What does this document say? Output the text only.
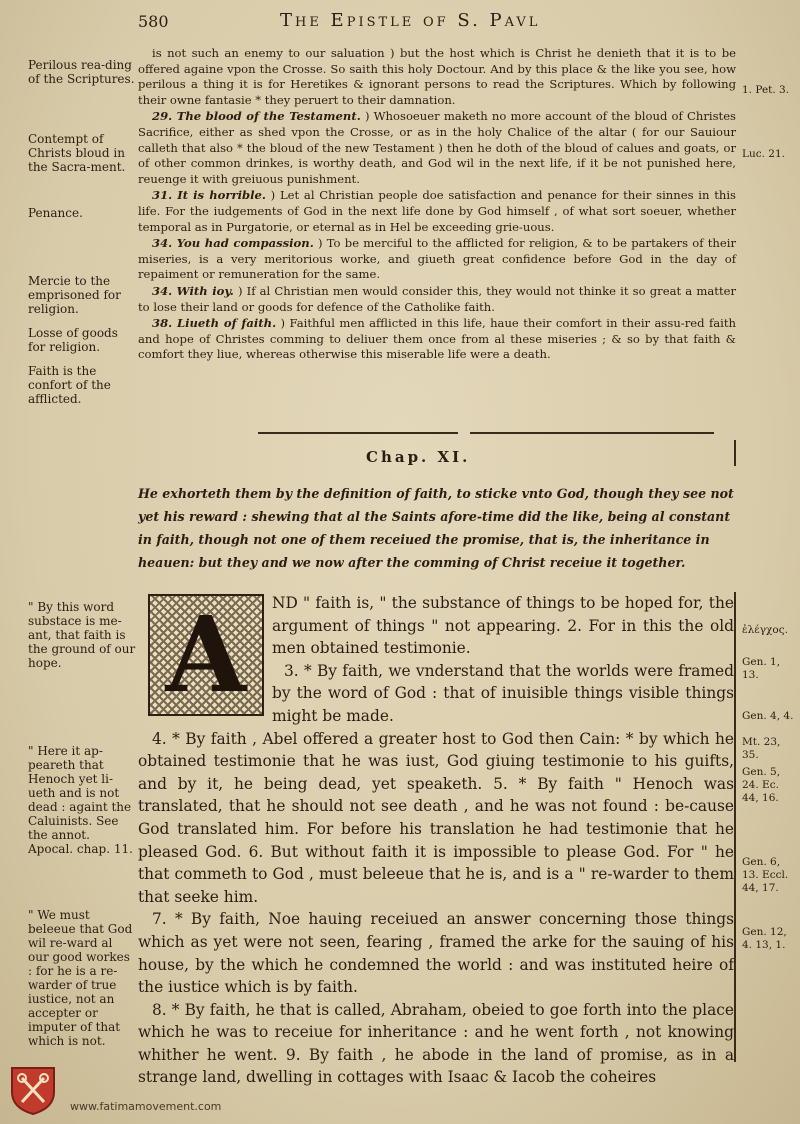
580	The Epistle of S. Pavl
Perilous rea-ding of the Scriptures.
Contempt of Christs bloud in the Sacra-ment.
Penance.
Mercie to the emprisoned for religion.
Losse of goods for religion.
Faith is the confort of the afflicted.
1. Pet. 3.
Luc. 21.

is not such an enemy to our saluation ) but the host which is Christ he denieth that it is to be offered againe vpon the Crosse. So saith this holy Doctour. And by this place & the like you see, how perilous a thing it is for Heretikes & ignorant persons to read the Scriptures. Which by following their owne fantasie * they peruert to their damnation.

29. The blood of the Testament. ) Whosoeuer maketh no more account of the bloud of Christes Sacrifice, either as shed vpon the Crosse, or as in the holy Chalice of the altar ( for our Sauiour calleth that also * the bloud of the new Testament ) then he doth of the bloud of calues and goats, or of other common drinkes, is worthy death, and God wil in the next life, if it be not punished here, reuenge it with greiuous punishment.

31. It is horrible. ) Let al Christian people doe satisfaction and penance for their sinnes in this life. For the iudgements of God in the next life done by God himself , of what sort soeuer, whether temporal as in Purgatorie, or eternal as in Hel be exceeding grie-uous.

34. You had compassion. ) To be merciful to the afflicted for religion, & to be partakers of their miseries, is a very meritorious worke, and giueth great confidence before God in the day of repaiment or remuneration for the same.

34. With ioy. ) If al Christian men would consider this, they would not thinke it so great a matter to lose their land or goods for defence of the Catholike faith.

38. Liueth of faith. ) Faithful men afflicted in this life, haue their comfort in their assu-red faith and hope of Christes comming to deliuer them once from al these miseries ; & so by that faith & comfort they liue, whereas otherwise this miserable life were a death.

Chap. XI.
He exhorteth them by the definition of faith, to sticke vnto God, though they see not yet his reward : shewing that al the Saints afore-time did the like, being al constant in faith, though not one of them receiued the promise, that is, the inheritance in heauen: but they and we now after the comming of Christ receiue it together.
A	ND " faith is, " the substance of things to be hoped for, the argument of things " not appearing. 2. For in this the old men obtained testimonie.

3. * By faith, we vnderstand that the worlds were framed by the word of God : that of inuisible things visible things might be made.

4. * By faith , Abel offered a greater host to God then Cain: * by which he obtained testimonie that he was iust, God giuing testimonie to his guifts, and by it, he being dead, yet speaketh. 5. * By faith " Henoch was translated, that he should not see death , and he was not found : be-cause God translated him. For before his translation he had testimonie that he pleased God. 6. But without faith it is impossible to please God. For " he that commeth to God , must beleeue that he is, and is a " re-warder to them that seeke him.

7. * By faith, Noe hauing receiued an answer concerning those things which as yet were not seen, fearing , framed the arke for the sauing of his house, by the which he condemned the world : and was instituted heire of the iustice which is by faith.

8. * By faith, he that is called, Abraham, obeied to goe forth into the place which he was to receiue for inheritance : and he went forth , not knowing whither he went. 9. By faith , he abode in the land of promise, as in a strange land, dwelling in cottages with Isaac & Iacob the coheires

" By this word substace is me-ant, that faith is the ground of our hope.
" Here it ap-peareth that Henoch yet li-ueth and is not dead : againt the Caluinists. See the annot. Apocal. chap. 11.
" We must beleeue that God wil re-ward al our good workes : for he is a re-warder of true iustice, not an accepter or imputer of that which is not.
ἐλέγχος.
Gen. 1, 13.
Gen. 4, 4.
Mt. 23, 35.
Gen. 5, 24. Ec. 44, 16.
Gen. 6, 13. Eccl. 44, 17.
Gen. 12, 4. 13, 1.
www.fatimamovement.com
